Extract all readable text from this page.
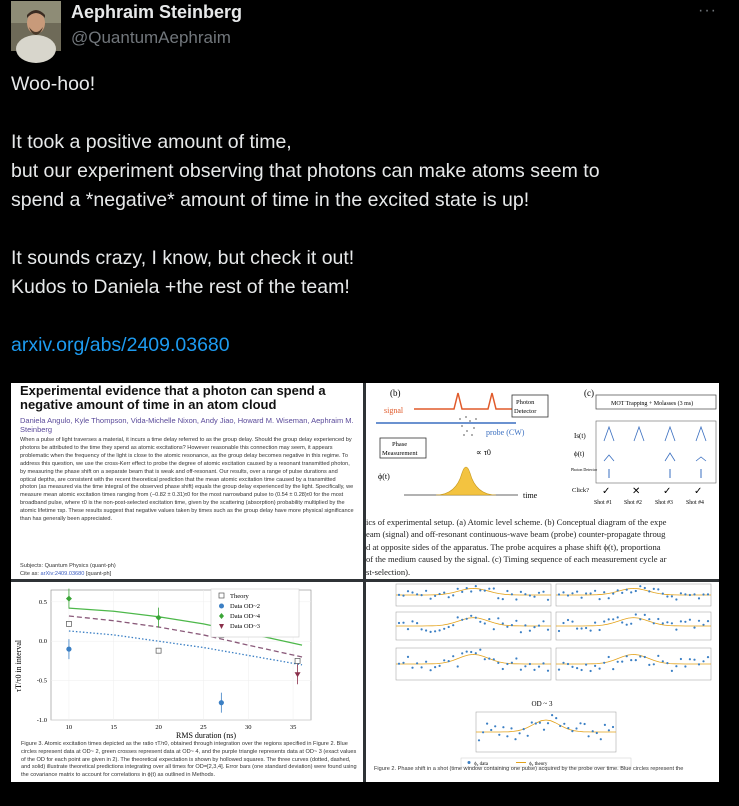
Aephraim Steinberg
@QuantumAephraim
···
Woo-hoo!
It took a positive amount of time,
but our experiment observing that photons can make atoms seem to
spend a *negative* amount of time in the excited state is up!
It sounds crazy, I know, but check it out!
Kudos to Daniela +the rest of the team!
arxiv.org/abs/2409.03680
Experimental evidence that a photon can spend a negative amount of time in an atom cloud
Daniela Angulo, Kyle Thompson, Vida-Michelle Nixon, Andy Jiao, Howard M. Wiseman, Aephraim M. Steinberg
When a pulse of light traverses a material, it incurs a time delay referred to as the group delay. Should the group delay experienced by photons be attributed to the time they spend as atomic excitations? However reasonable this connection may seem, it appears problematic when the frequency of the light is close to the atomic resonance, as the group delay becomes negative in this regime. To address this question, we use the cross-Kerr effect to probe the degree of atomic excitation caused by a resonant transmitted photon, by measuring the phase shift on a separate beam that is weak and off-resonant. Our results, over a range of pulse durations and optical depths, are consistent with the recent theoretical prediction that the mean atomic excitation time caused by a transmitted photon (as measured via the time integral of the observed phase shift) equals the group delay experienced by the light. Specifically, we measure mean atomic excitation times ranging from (−0.82 ± 0.31)τ0 for the most narrowband pulse to (0.54 ± 0.28)τ0 for the most broadband pulse, where τ0 is the non-post-selected excitation time, given by the scattering (absorption) probability multiplied by the atomic lifetime τsp. These results suggest that negative values taken by times such as the group delay have more physical significance than has generally been appreciated.
Subjects: Quantum Physics (quant-ph)
Cite as: arXiv:2409.03680 [quant-ph]
(b)	(c)
signal
Photon
Detector
probe (CW)
Phase
Measurement
ϕ(t)
∝ τ0
time
MOT Trapping + Molasses (3 ms)
Is(t)
ϕ(t)
Photon Detector
Click?
Shot #1 Shot #2 Shot #3 Shot #4
✓ ✕ ✓ ✓
ics of experimental setup. (a) Atomic level scheme. (b) Conceptual diagram of the expe
eam (signal) and off-resonant continuous-wave beam (probe) counter-propagate throug
d at opposite sides of the apparatus. The probe acquires a phase shift ϕ(t), proportiona
of the medium caused by the signal. (c) Timing sequence of each measurement cycle ar
st-selection).
τT/τ0 in interval
RMS duration (ns)
10	15	20	25	30	35
-1.0
-0.5
0.0
0.5
Theory
Data OD~2
Data OD~4
Data OD~3
Figure 3. Atomic excitation times depicted as the ratio τT/τ0, obtained through integration over the regions specified in Figure 2. Blue circles represent data at OD~ 2, green crosses represent data at OD~ 4, and the purple triangle represents data at OD~ 3 (exact values of the OD for each point are given in 2). The theoretical expectation is shown by hollowed squares. The three curves (dotted, dashed, and solid) illustrate theoretical predictions integrating over all times for OD=[2,3,4]. Error bars (one standard deviation) were found using the covariance matrix to account for correlations in ϕ(t) as outlined in Methods.
OD ~ 3
ϕ₀ data	ϕ₀ theory
Figure 2. Phase shift in a shot (time window containing one pulse) acquired by the probe over time. Blue circles represent the
